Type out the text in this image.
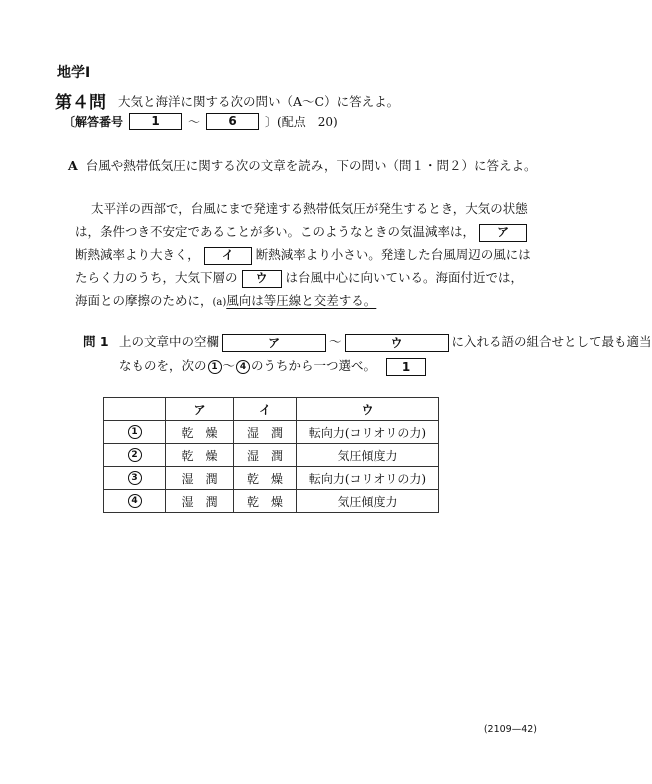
地学Ⅰ
第４問 大気と海洋に関する次の問い（A～C）に答えよ。
〔解答番号	1	～	6	〕(配点　20)
A 台風や熱帯低気圧に関する次の文章を読み，下の問い（問１・問２）に答えよ。
太平洋の西部で，台風にまで発達する熱帯低気圧が発生するとき，大気の状態
は，条件つき不安定であることが多い。このようなときの気温減率は， ア
断熱減率より大きく， イ 断熱減率より小さい。発達した台風周辺の風には
たらく力のうち，大気下層の ウ は台風中心に向いている。海面付近では，
海面との摩擦のために，(a)風向は等圧線と交差する。
問 1 上の文章中の空欄	ア	～	ウ	に入れる語の組合せとして最も適当
なものを，次の 1 ～ 4 のうちから一つ選べ。 1
	ア	イ	ウ
1	乾　燥	湿　潤	転向力(コリオリの力)
2	乾　燥	湿　潤	気圧傾度力
3	湿　潤	乾　燥	転向力(コリオリの力)
4	湿　潤	乾　燥	気圧傾度力
(2109—42)
